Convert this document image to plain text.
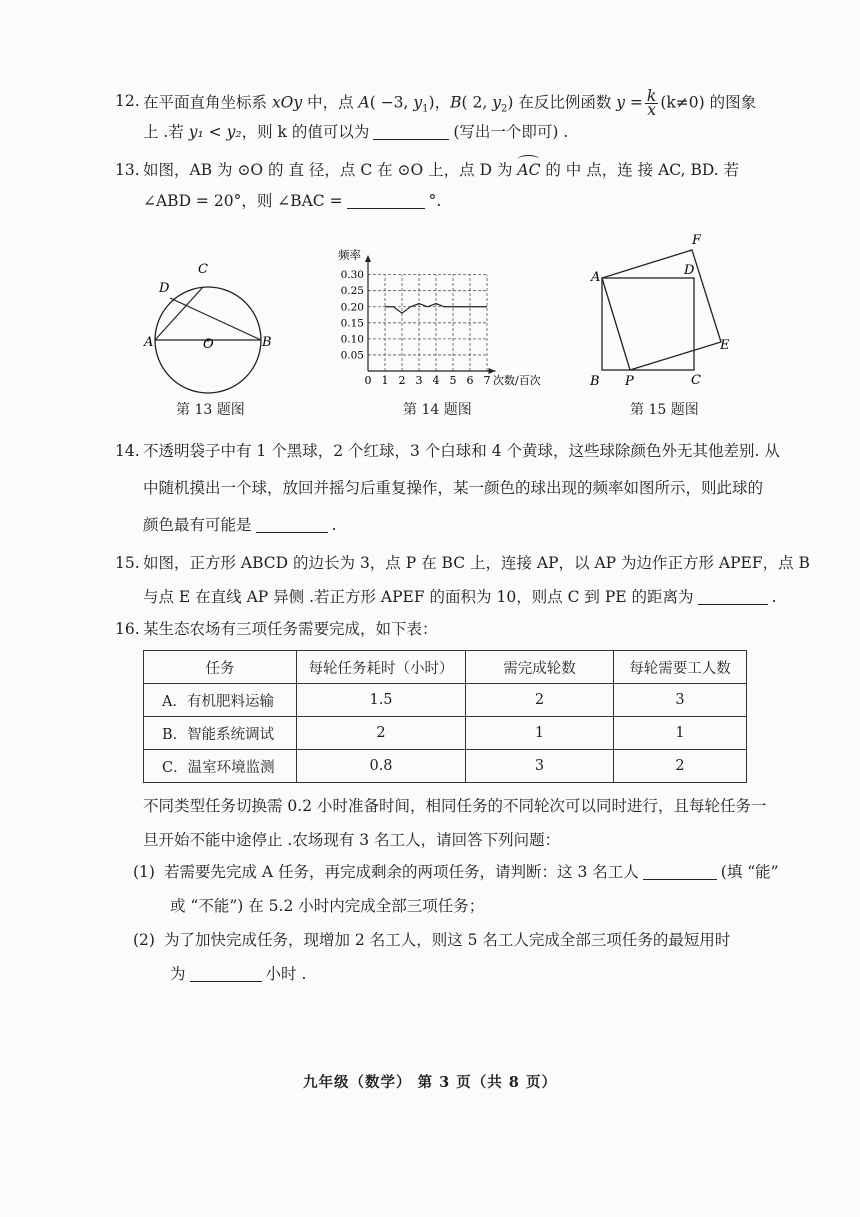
12. 在平面直角坐标系 xOy 中，点 A( −3, $y_1$)，B( 2, $y_2$) 在反比例函数 $y = \frac{k}{x} (k\ne 0)$ 的图象
上 .若 y₁ < y₂，则 k 的值可以为	(写出一个即可) .
13. 如图，AB 为 ⊙O 的 直 径，点 C 在 ⊙O 上，点 D 为 AC 的 中 点，连 接 AC, BD. 若
∠ABD = 20°，则 ∠BAC =	°.
A	B
C
D
O
第 13 题图
0.05
0.10
0.15
0.20
0.25
0.30
0 1 2 3 4 5 6 7
频率
次数/百次
第 14 题图
A
B	C
D
E
F
P
第 15 题图
14. 不透明袋子中有 1 个黑球，2 个红球，3 个白球和 4 个黄球，这些球除颜色外无其他差别. 从
中随机摸出一个球，放回并摇匀后重复操作，某一颜色的球出现的频率如图所示，则此球的
颜色最有可能是	.
15. 如图，正方形 ABCD 的边长为 3，点 P 在 BC 上，连接 AP，以 AP 为边作正方形 APEF，点 B
与点 E 在直线 AP 异侧 .若正方形 APEF 的面积为 10，则点 C 到 PE 的距离为	.
16. 某生态农场有三项任务需要完成，如下表：
任务	每轮任务耗时（小时）	需完成轮数	每轮需要工人数
A．有机肥料运输	1.5	2	3
B．智能系统调试	2	1	1
C．温室环境监测	0.8	3	2
不同类型任务切换需 0.2 小时准备时间，相同任务的不同轮次可以同时进行，且每轮任务一
旦开始不能中途停止 .农场现有 3 名工人，请回答下列问题：
(1) 若需要先完成 A 任务，再完成剩余的两项任务，请判断：这 3 名工人	(填 “能”
或 “不能”) 在 5.2 小时内完成全部三项任务；
(2) 为了加快完成任务，现增加 2 名工人，则这 5 名工人完成全部三项任务的最短用时
为	小时 .
九年级（数学） 第 3 页（共 8 页）
